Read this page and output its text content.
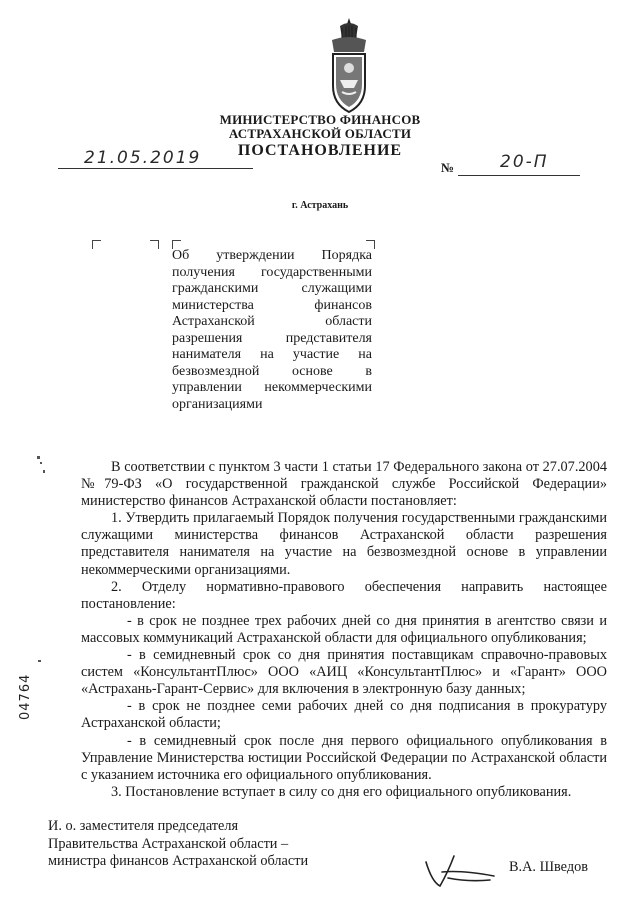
МИНИСТЕРСТВО ФИНАНСОВ
АСТРАХАНСКОЙ ОБЛАСТИ
ПОСТАНОВЛЕНИЕ
21.05.2019	№	20-П
г. Астрахань
Об утверждении Порядка получения государственными гражданскими служащими министерства финансов Астраханской области разрешения представителя нанимателя на участие на безвозмездной основе в управлении некоммерческими организациями

В соответствии с пунктом 3 части 1 статьи 17 Федерального закона от 27.07.2004 №79-ФЗ «О государственной гражданской службе Российской Федерации» министерство финансов Астраханской области постановляет:

1. Утвердить прилагаемый Порядок получения государственными гражданскими служащими министерства финансов Астраханской области разрешения представителя нанимателя на участие на безвозмездной основе в управлении некоммерческими организациями.

2. Отделу нормативно-правового обеспечения направить настоящее постановление:

- в срок не позднее трех рабочих дней со дня принятия в агентство связи и массовых коммуникаций Астраханской области для официального опубликования;

- в семидневный срок со дня принятия поставщикам справочно-правовых систем «КонсультантПлюс» ООО «АИЦ «КонсультантПлюс» и «Гарант» ООО «Астрахань-Гарант-Сервис» для включения в электронную базу данных;

- в срок не позднее семи рабочих дней со дня подписания в прокуратуру Астраханской области;

- в семидневный срок после дня первого официального опубликования в Управление Министерства юстиции Российской Федерации по Астраханской области с указанием источника его официального опубликования.

3. Постановление вступает в силу со дня его официального опубликования.

04764
И. о. заместителя председателя
Правительства Астраханской области –
министра финансов Астраханской области	В.А. Шведов
